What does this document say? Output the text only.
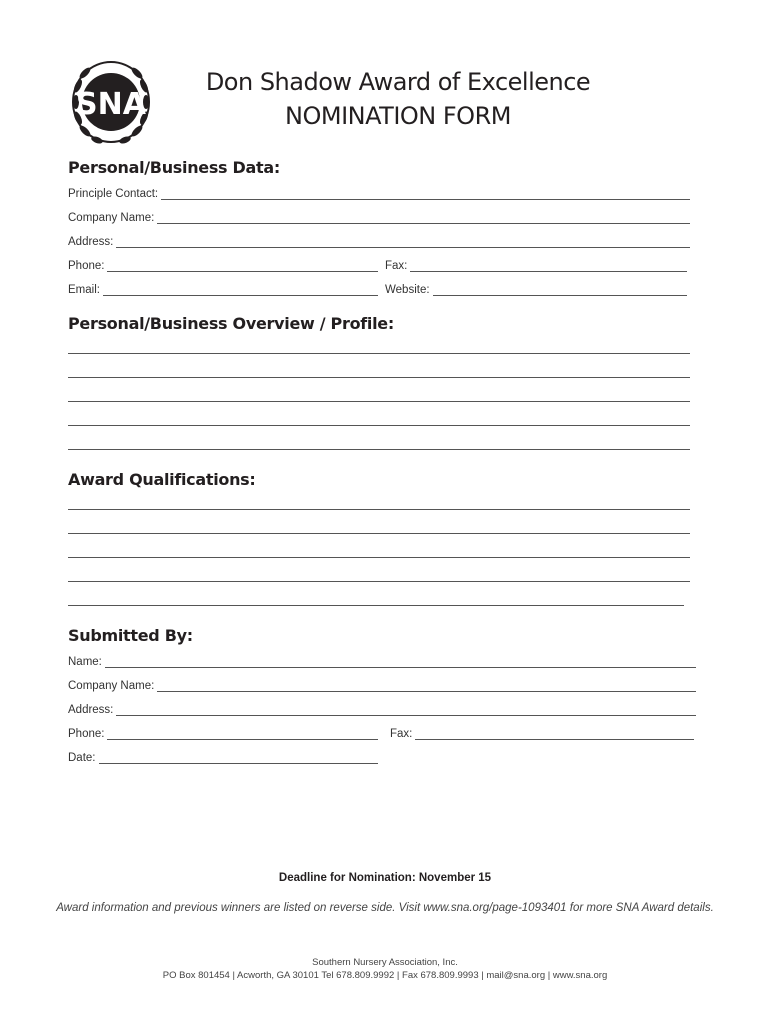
SNA
Don Shadow Award of Excellence
NOMINATION FORM
Personal/Business Data:
Principle Contact:
Company Name:
Address:
Phone:	Fax:
Email:	Website:
Personal/Business Overview / Profile:
Award Qualifications:
Submitted By:
Name:
Company Name:
Address:
Phone:	Fax:
Date:
Deadline for Nomination: November 15
Award information and previous winners are listed on reverse side. Visit www.sna.org/page-1093401 for more SNA Award details.
Southern Nursery Association, Inc.
PO Box 801454 | Acworth, GA 30101 Tel 678.809.9992 | Fax 678.809.9993 | mail@sna.org | www.sna.org
